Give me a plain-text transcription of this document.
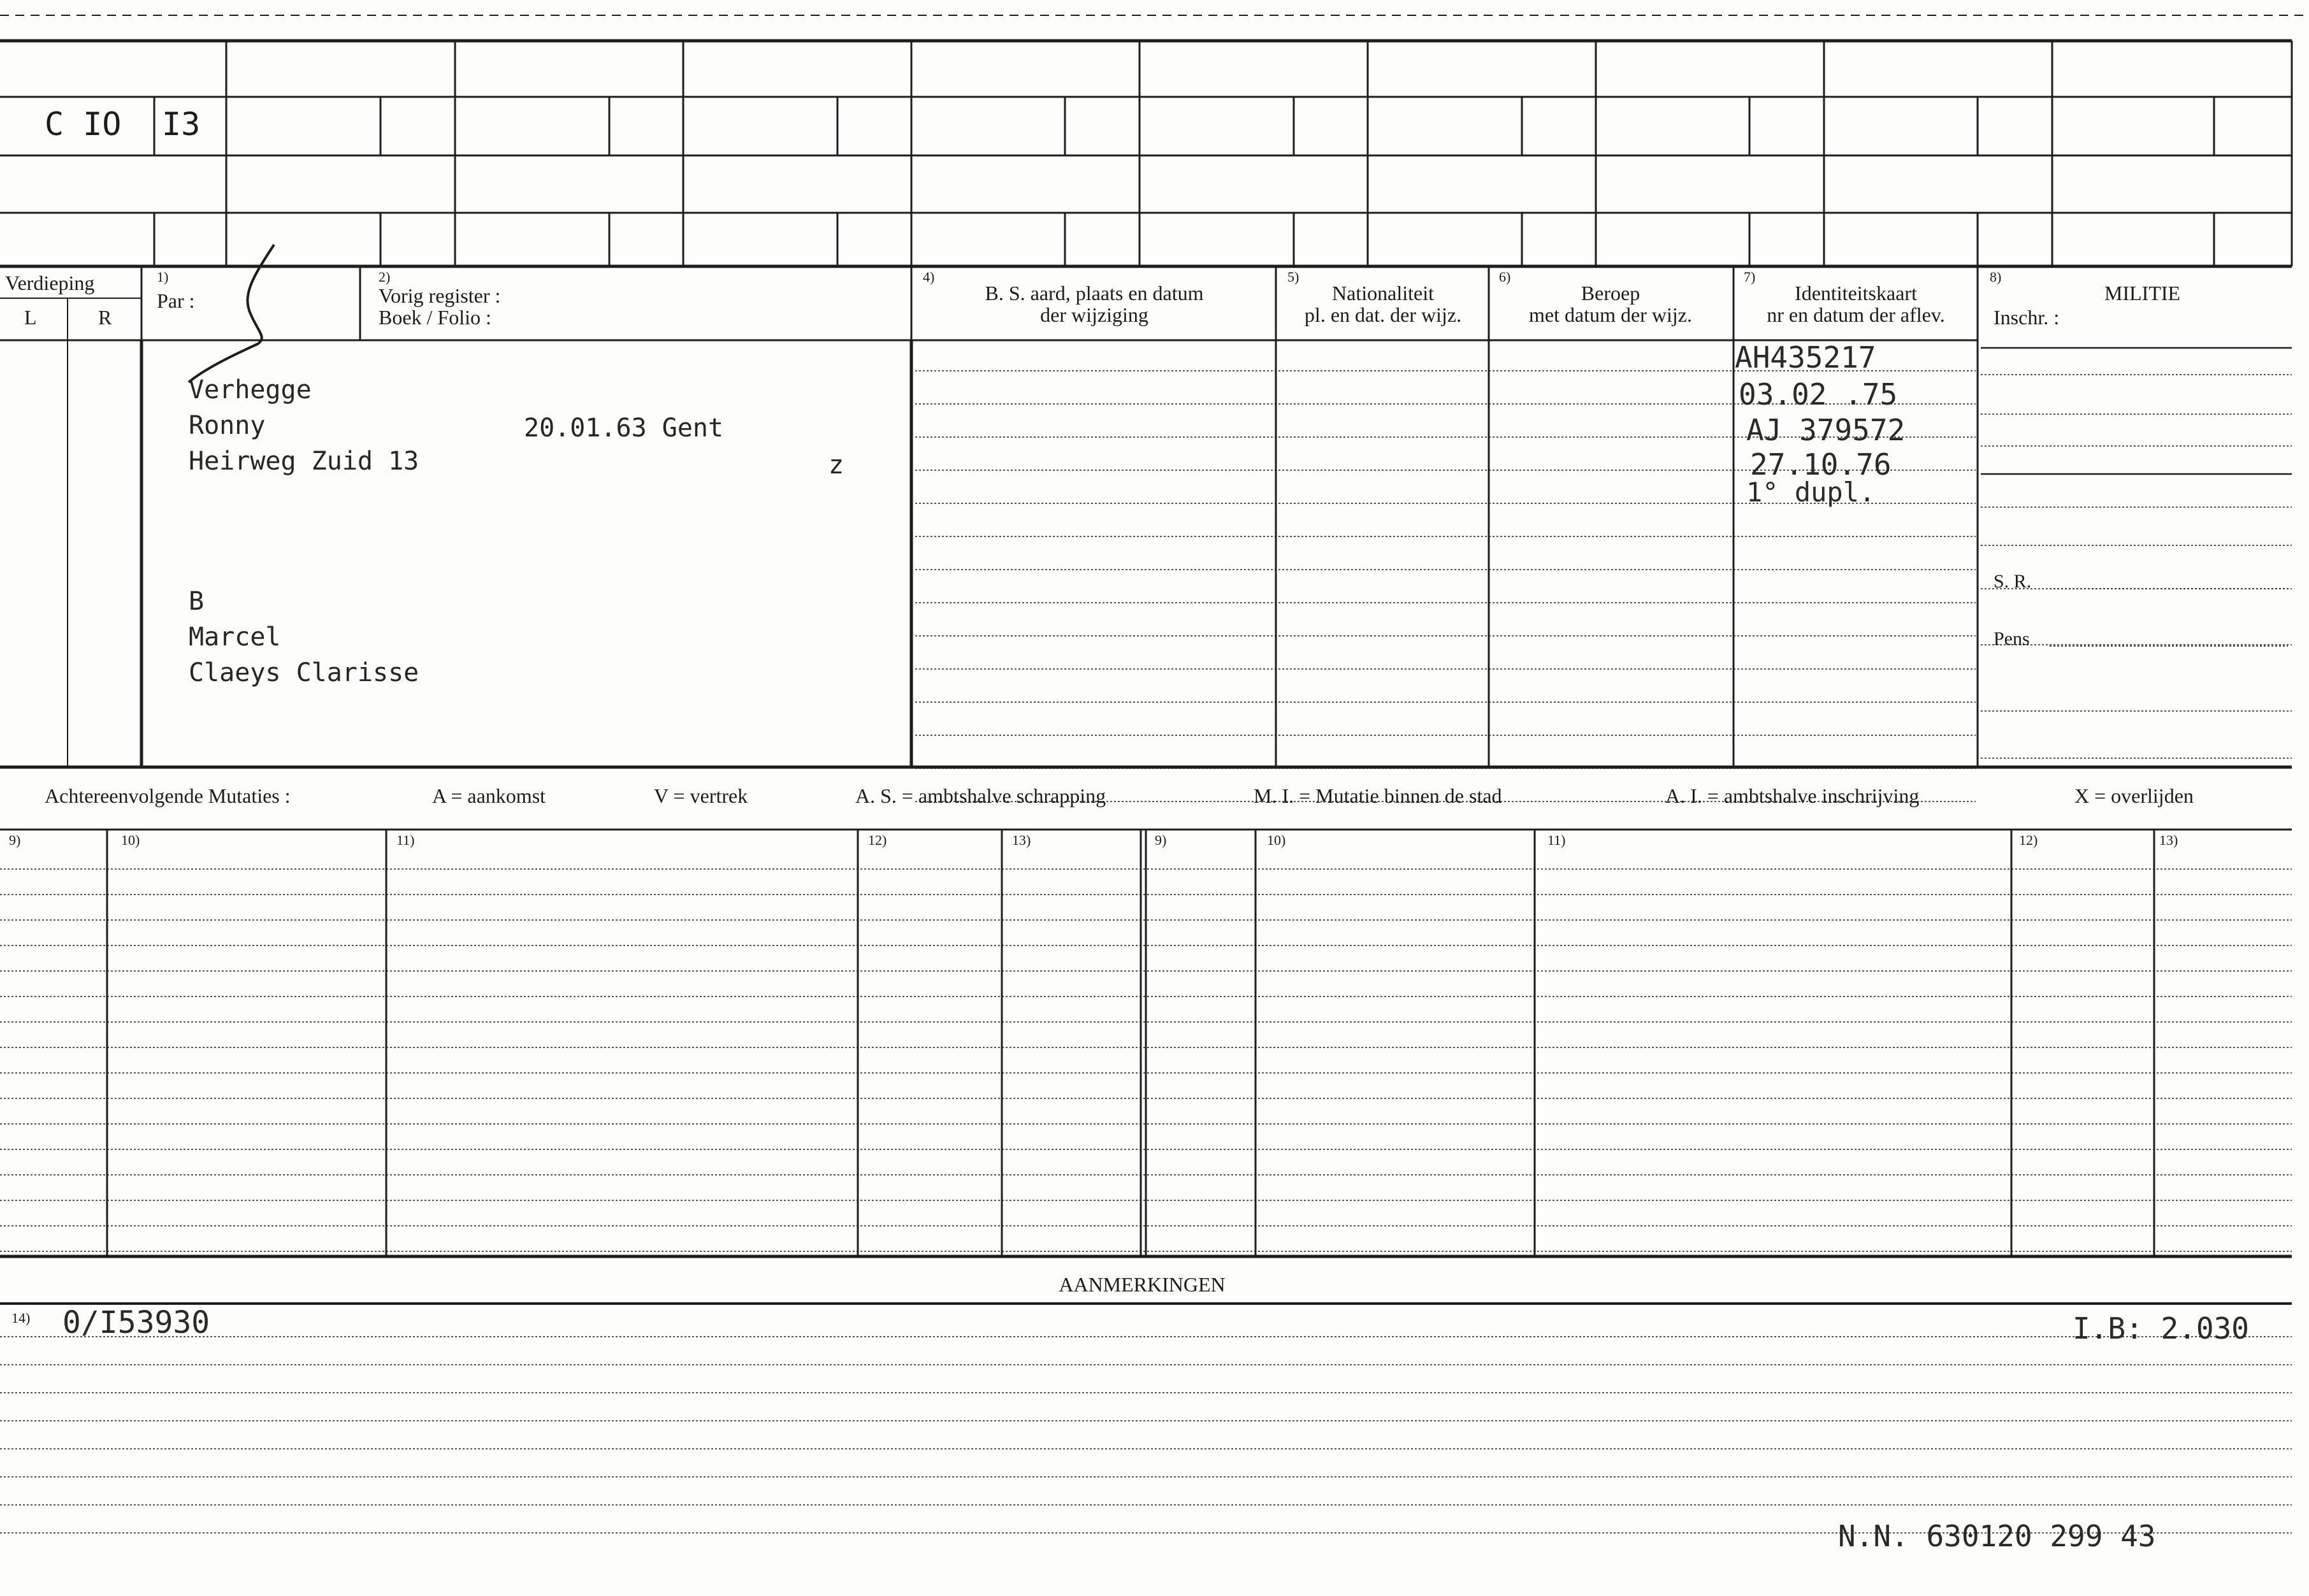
C IO I3
Verdieping
L	R
1)
Par :
2)
Vorig register :
Boek / Folio :
4)
B. S. aard, plaats en datum
der wijziging
5)
Nationaliteit
pl. en dat. der wijz.
6)
Beroep
met datum der wijz.
7)
Identiteitskaart
nr en datum der aflev.
8)
MILITIE
Inschr. :
S. R.
Pens
Verhegge
Ronny	20.01.63 Gent
Heirweg Zuid 13	z
B
Marcel
Claeys Clarisse
AH435217
03.02 .75
AJ 379572
27.10.76
1° dupl.
Achtereenvolgende Mutaties :	A = aankomst	V = vertrek	A. S. = ambtshalve schrapping	M. I. = Mutatie binnen de stad	A. I. = ambtshalve inschrijving	X = overlijden
9)	10)	11)	12)	13)	9)	10)	11)	12)	13)
AANMERKINGEN
14) 0/I53930	I.B: 2.030
N.N. 630120 299 43
